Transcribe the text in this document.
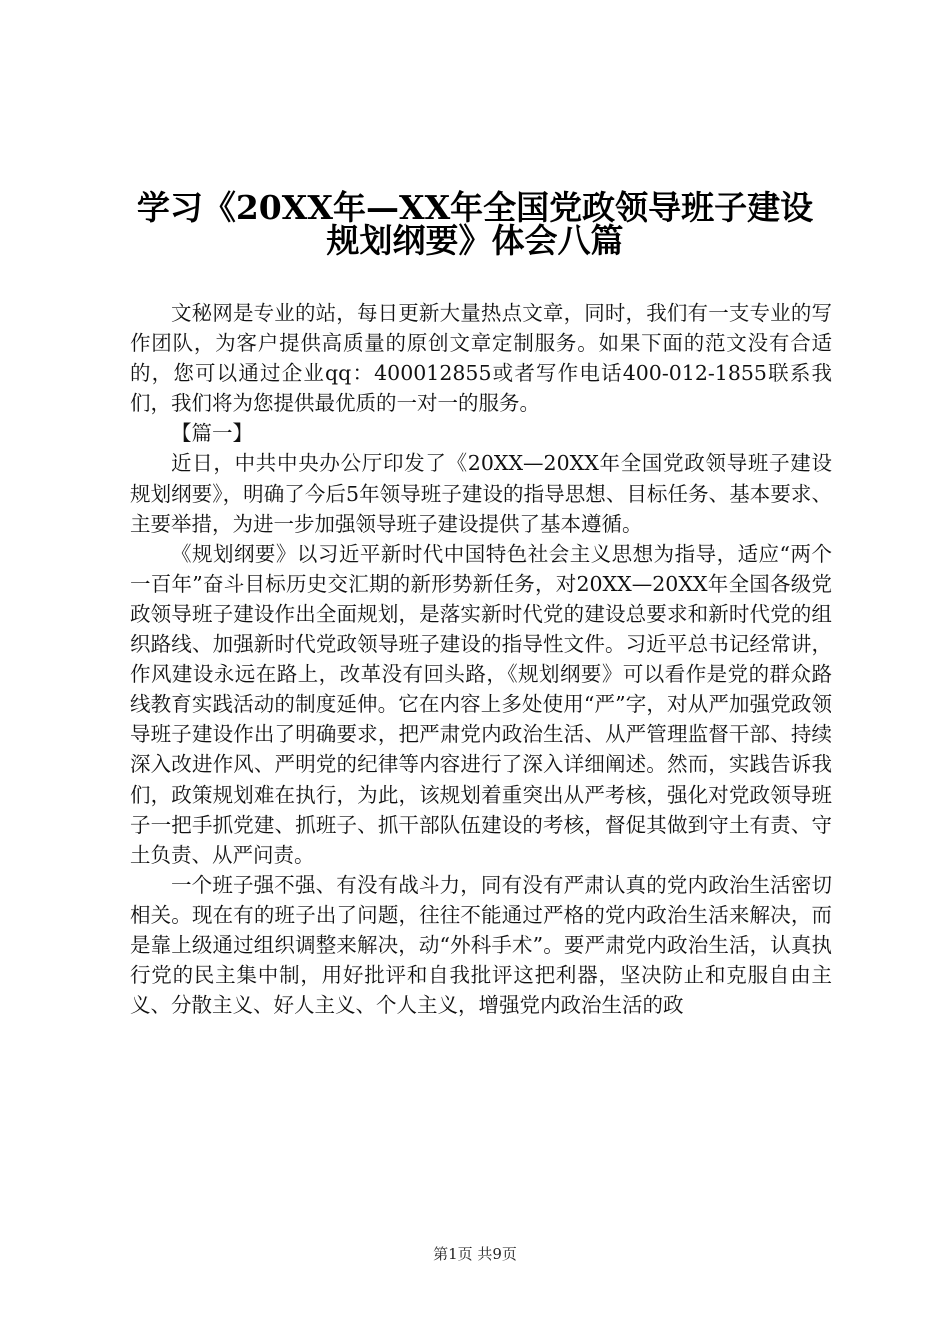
学习《20XX年—XX年全国党政领导班子建设
规划纲要》体会八篇

文秘网是专业的站，每日更新大量热点文章，同时，我们有一支专业的写作团队，为客户提供高质量的原创文章定制服务。如果下面的范文没有合适的，您可以通过企业qq：400012855或者写作电话400-012-1855联系我们，我们将为您提供最优质的一对一的服务。

【篇一】

近日，中共中央办公厅印发了《20XX—20XX年全国党政领导班子建设规划纲要》，明确了今后5年领导班子建设的指导思想、目标任务、基本要求、主要举措，为进一步加强领导班子建设提供了基本遵循。

《规划纲要》以习近平新时代中国特色社会主义思想为指导，适应“两个一百年”奋斗目标历史交汇期的新形势新任务，对20XX—20XX年全国各级党政领导班子建设作出全面规划，是落实新时代党的建设总要求和新时代党的组织路线、加强新时代党政领导班子建设的指导性文件。习近平总书记经常讲，作风建设永远在路上，改革没有回头路，《规划纲要》可以看作是党的群众路线教育实践活动的制度延伸。它在内容上多处使用“严”字，对从严加强党政领导班子建设作出了明确要求，把严肃党内政治生活、从严管理监督干部、持续深入改进作风、严明党的纪律等内容进行了深入详细阐述。然而，实践告诉我们，政策规划难在执行，为此，该规划着重突出从严考核，强化对党政领导班子一把手抓党建、抓班子、抓干部队伍建设的考核，督促其做到守土有责、守土负责、从严问责。

一个班子强不强、有没有战斗力，同有没有严肃认真的党内政治生活密切相关。现在有的班子出了问题，往往不能通过严格的党内政治生活来解决，而是靠上级通过组织调整来解决，动“外科手术”。要严肃党内政治生活，认真执行党的民主集中制，用好批评和自我批评这把利器，坚决防止和克服自由主义、分散主义、好人主义、个人主义，增强党内政治生活的政

第1页 共9页
